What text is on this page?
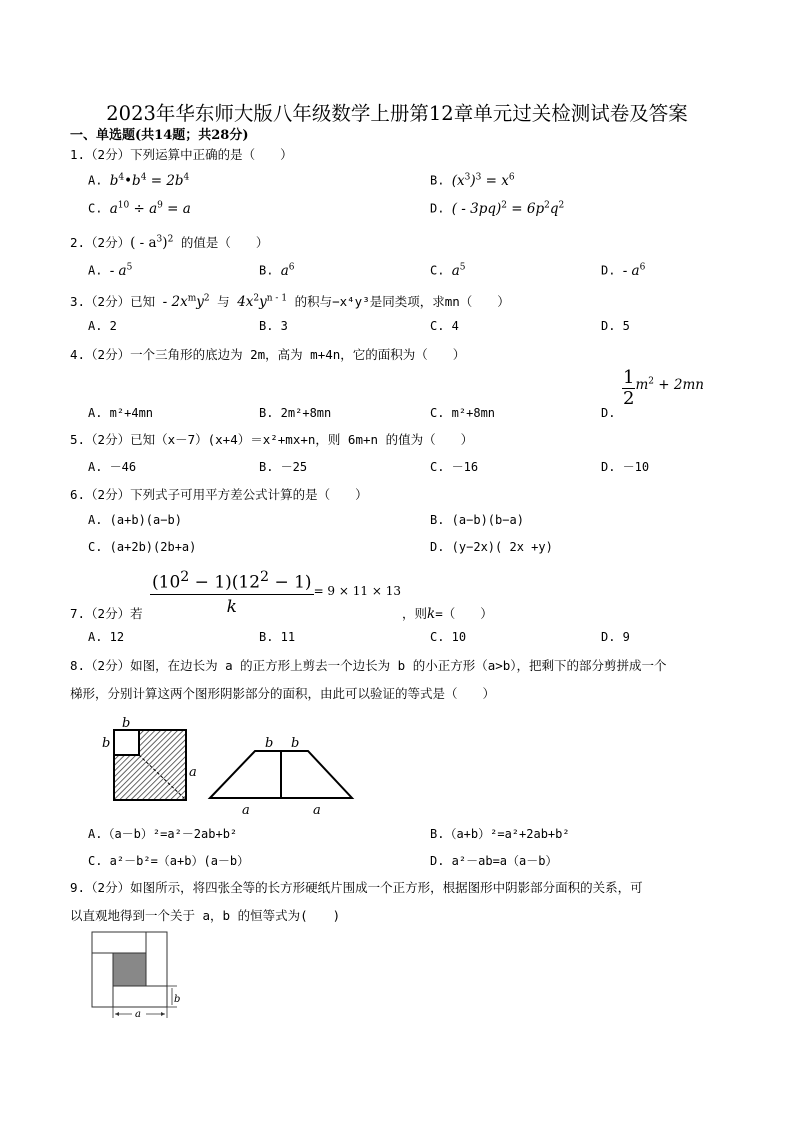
2023年华东师大版八年级数学上册第12章单元过关检测试卷及答案
一、单选题(共14题；共28分)
1.（2分）下列运算中正确的是（　　）
A. $b^4•b^4 = 2b^4$	B. $(x^3)^3 = x^6$
C. $a^{10} \div a^9 = a$	D. ( - $3pq)^2 = 6p^2q^2$
2.（2分）( - $a^3)^2$ 的值是（　　）
A. - $a^5$	B. $a^6$	C. $a^5$	D. - $a^6$
3.（2分）已知 - $2x^my^2$ 与 $4x^2y^{n - 1}$ 的积与−x⁴y³是同类项，求mn（　　）
A. 2	B. 3	C. 4	D. 5
4.（2分）一个三角形的底边为 2m，高为 m+4n，它的面积为（　　）
A. m²+4mn	B. 2m²+8mn	C. m²+8mn	D.
$\frac{1}{2} ^{m^2 + 2mn}$
5.（2分）已知（x－7）(x+4）＝x²+mx+n，则 6m+n 的值为（　　）
A. －46	B. －25	C. －16	D. －10
6.（2分）下列式子可用平方差公式计算的是（　　）
A. (a+b)(a−b)	B. (a−b)(b−a)
C. (a+2b)(2b+a)	D. (y−2x)( 2x +y)
7.（2分）若 $\frac{(10^2 - 1)(12^2 - 1)}{k} = 9 \times 11 \times 13$
，则k=（　　）
A. 12	B. 11	C. 10	D. 9
8.（2分）如图，在边长为 a 的正方形上剪去一个边长为 b 的小正方形（a>b），把剩下的部分剪拼成一个
梯形，分别计算这两个图形阴影部分的面积，由此可以验证的等式是（　　）
b
b
a
b b
a	a
A.（a－b）²=a²－2ab+b²	B.（a+b）²=a²+2ab+b²
C. a²－b²=（a+b）(a－b）	D. a²－ab=a（a－b）
9.（2分）如图所示，将四张全等的长方形硬纸片围成一个正方形，根据图形中阴影部分面积的关系，可
以直观地得到一个关于 a，b 的恒等式为(　　)
b
a
